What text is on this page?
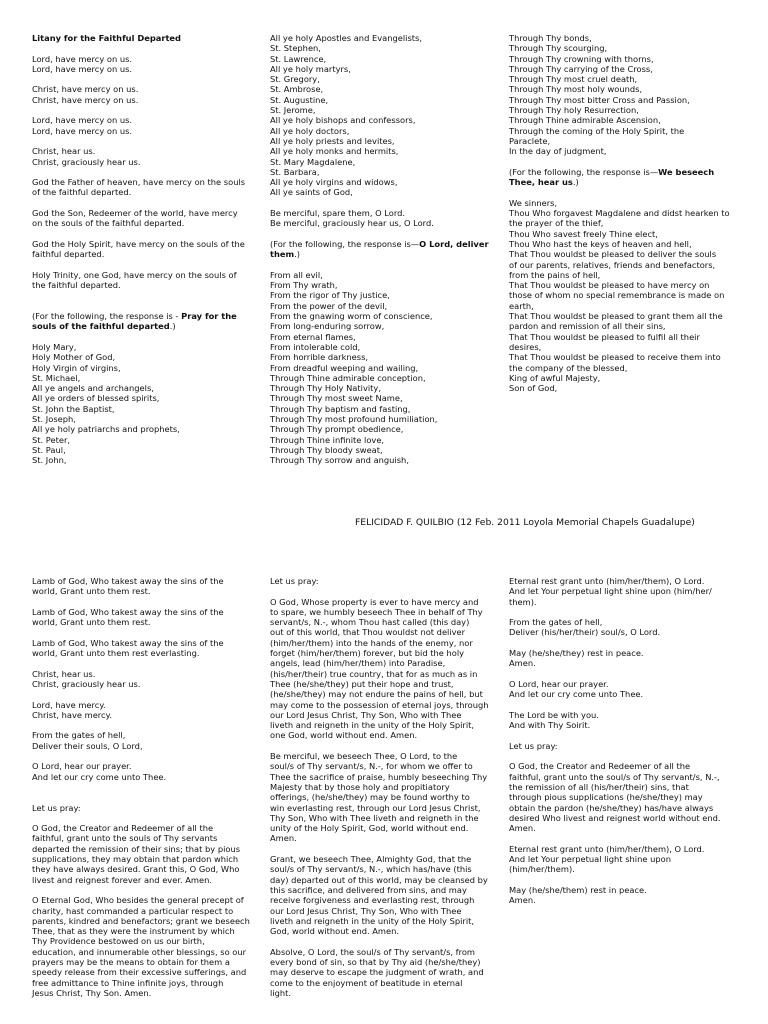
Litany for the Faithful Departed

Lord, have mercy on us.
Lord, have mercy on us.

Christ, have mercy on us.
Christ, have mercy on us.

Lord, have mercy on us.
Lord, have mercy on us.

Christ, hear us.
Christ, graciously hear us.

God the Father of heaven, have mercy on the souls
of the faithful departed.

God the Son, Redeemer of the world, have mercy
on the souls of the faithful departed.

God the Holy Spirit, have mercy on the souls of the
faithful departed.

Holy Trinity, one God, have mercy on the souls of
the faithful departed.

(For the following, the response is - Pray for the
souls of the faithful departed.)

Holy Mary,
Holy Mother of God,
Holy Virgin of virgins,
St. Michael,
All ye angels and archangels,
All ye orders of blessed spirits,
St. John the Baptist,
St. Joseph,
All ye holy patriarchs and prophets,
St. Peter,
St. Paul,
St. John,

All ye holy Apostles and Evangelists,
St. Stephen,
St. Lawrence,
All ye holy martyrs,
St. Gregory,
St. Ambrose,
St. Augustine,
St. Jerome,
All ye holy bishops and confessors,
All ye holy doctors,
All ye holy priests and levites,
All ye holy monks and hermits,
St. Mary Magdalene,
St. Barbara,
All ye holy virgins and widows,
All ye saints of God,

Be merciful, spare them, O Lord.
Be merciful, graciously hear us, O Lord.

(For the following, the response is—O Lord, deliver
them.)

From all evil,
From Thy wrath,
From the rigor of Thy justice,
From the power of the devil,
From the gnawing worm of conscience,
From long-enduring sorrow,
From eternal flames,
From intolerable cold,
From horrible darkness,
From dreadful weeping and wailing,
Through Thine admirable conception,
Through Thy Holy Nativity,
Through Thy most sweet Name,
Through Thy baptism and fasting,
Through Thy most profound humiliation,
Through Thy prompt obedience,
Through Thine infinite love,
Through Thy bloody sweat,
Through Thy sorrow and anguish,

Through Thy bonds,
Through Thy scourging,
Through Thy crowning with thorns,
Through Thy carrying of the Cross,
Through Thy most cruel death,
Through Thy most holy wounds,
Through Thy most bitter Cross and Passion,
Through Thy holy Resurrection,
Through Thine admirable Ascension,
Through the coming of the Holy Spirit, the
Paraclete,
In the day of judgment,

(For the following, the response is—We beseech
Thee, hear us.)

We sinners,
Thou Who forgavest Magdalene and didst hearken to
the prayer of the thief,
Thou Who savest freely Thine elect,
Thou Who hast the keys of heaven and hell,
That Thou wouldst be pleased to deliver the souls
of our parents, relatives, friends and benefactors,
from the pains of hell,
That Thou wouldst be pleased to have mercy on
those of whom no special remembrance is made on
earth,
That Thou wouldst be pleased to grant them all the
pardon and remission of all their sins,
That Thou wouldst be pleased to fulfil all their
desires,
That Thou wouldst be pleased to receive them into
the company of the blessed,
King of awful Majesty,
Son of God,

FELICIDAD F. QUILBIO (12 Feb. 2011 Loyola Memorial Chapels Guadalupe)

Lamb of God, Who takest away the sins of the
world, Grant unto them rest.

Lamb of God, Who takest away the sins of the
world, Grant unto them rest.

Lamb of God, Who takest away the sins of the
world, Grant unto them rest everlasting.

Christ, hear us.
Christ, graciously hear us.

Lord, have mercy.
Christ, have mercy.

From the gates of hell,
Deliver their souls, O Lord,

O Lord, hear our prayer.
And let our cry come unto Thee.

Let us pray:

O God, the Creator and Redeemer of all the
faithful, grant unto the souls of Thy servants
departed the remission of their sins; that by pious
supplications, they may obtain that pardon which
they have always desired. Grant this, O God, Who
livest and reignest forever and ever. Amen.

O Eternal God, Who besides the general precept of
charity, hast commanded a particular respect to
parents, kindred and benefactors; grant we beseech
Thee, that as they were the instrument by which
Thy Providence bestowed on us our birth,
education, and innumerable other blessings, so our
prayers may be the means to obtain for them a
speedy release from their excessive sufferings, and
free admittance to Thine infinite joys, through
Jesus Christ, Thy Son. Amen.

Let us pray:

O God, Whose property is ever to have mercy and
to spare, we humbly beseech Thee in behalf of Thy
servant/s, N.-, whom Thou hast called (this day)
out of this world, that Thou wouldst not deliver
(him/her/them) into the hands of the enemy, nor
forget (him/her/them) forever, but bid the holy
angels, lead (him/her/them) into Paradise,
(his/her/their) true country, that for as much as in
Thee (he/she/they) put their hope and trust,
(he/she/they) may not endure the pains of hell, but
may come to the possession of eternal joys, through
our Lord Jesus Christ, Thy Son, Who with Thee
liveth and reigneth in the unity of the Holy Spirit,
one God, world without end. Amen.

Be merciful, we beseech Thee, O Lord, to the
soul/s of Thy servant/s, N.-, for whom we offer to
Thee the sacrifice of praise, humbly beseeching Thy
Majesty that by those holy and propitiatory
offerings, (he/she/they) may be found worthy to
win everlasting rest, through our Lord Jesus Christ,
Thy Son, Who with Thee liveth and reigneth in the
unity of the Holy Spirit, God, world without end.
Amen.

Grant, we beseech Thee, Almighty God, that the
soul/s of Thy servant/s, N.-, which has/have (this
day) departed out of this world, may be cleansed by
this sacrifice, and delivered from sins, and may
receive forgiveness and everlasting rest, through
our Lord Jesus Christ, Thy Son, Who with Thee
liveth and reigneth in the unity of the Holy Spirit,
God, world without end. Amen.

Absolve, O Lord, the soul/s of Thy servant/s, from
every bond of sin, so that by Thy aid (he/she/they)
may deserve to escape the judgment of wrath, and
come to the enjoyment of beatitude in eternal
light.

Eternal rest grant unto (him/her/them), O Lord.
And let Your perpetual light shine upon (him/her/
them).

From the gates of hell,
Deliver (his/her/their) soul/s, O Lord.

May (he/she/they) rest in peace.
Amen.

O Lord, hear our prayer.
And let our cry come unto Thee.

The Lord be with you.
And with Thy Soirit.

Let us pray:

O God, the Creator and Redeemer of all the
faithful, grant unto the soul/s of Thy servant/s, N.-,
the remission of all (his/her/their) sins, that
through pious supplications (he/she/they) may
obtain the pardon (he/she/they) has/have always
desired Who livest and reignest world without end.
Amen.

Eternal rest grant unto (him/her/them), O Lord.
And let Your perpetual light shine upon
(him/her/them).

May (he/she/them) rest in peace.
Amen.
